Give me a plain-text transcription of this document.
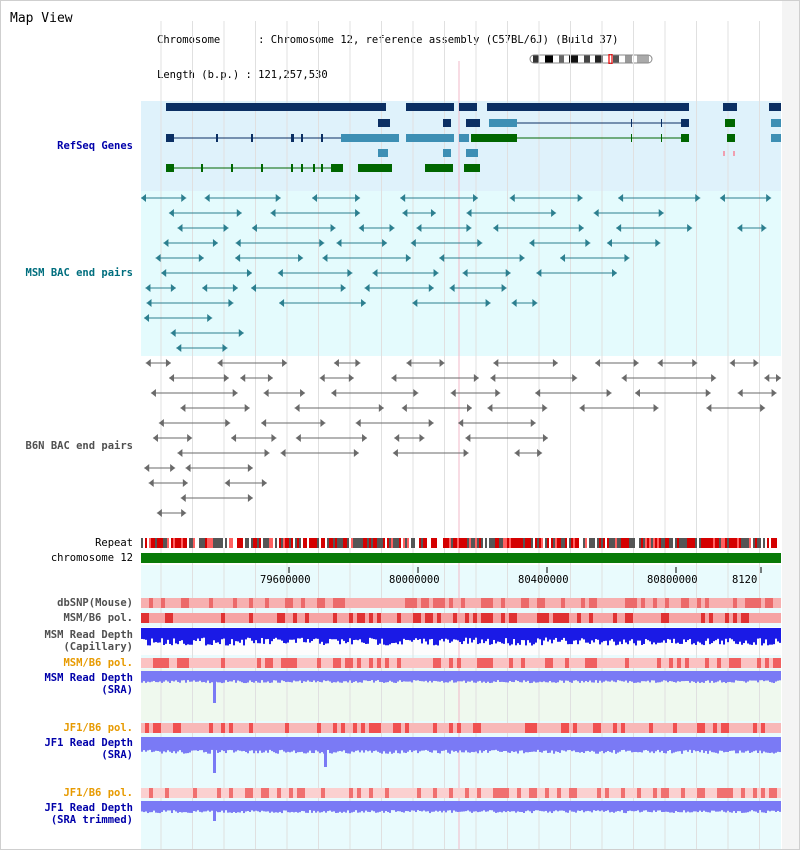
Map View

Chromosome      : Chromosome 12, reference assembly (C57BL/6J) (Build 37)

Length (b.p.) : 121,257,530

79600000	80000000	80400000	80800000	8120
RefSeq Genes
MSM BAC end pairs
B6N BAC end pairs
Repeat
chromosome 12
dbSNP(Mouse)
MSM/B6 pol.
MSM Read Depth
(Capillary)
MSM/B6 pol.
MSM Read Depth
(SRA)
JF1/B6 pol.
JF1 Read Depth
(SRA)
JF1/B6 pol.
JF1 Read Depth
(SRA trimmed)
